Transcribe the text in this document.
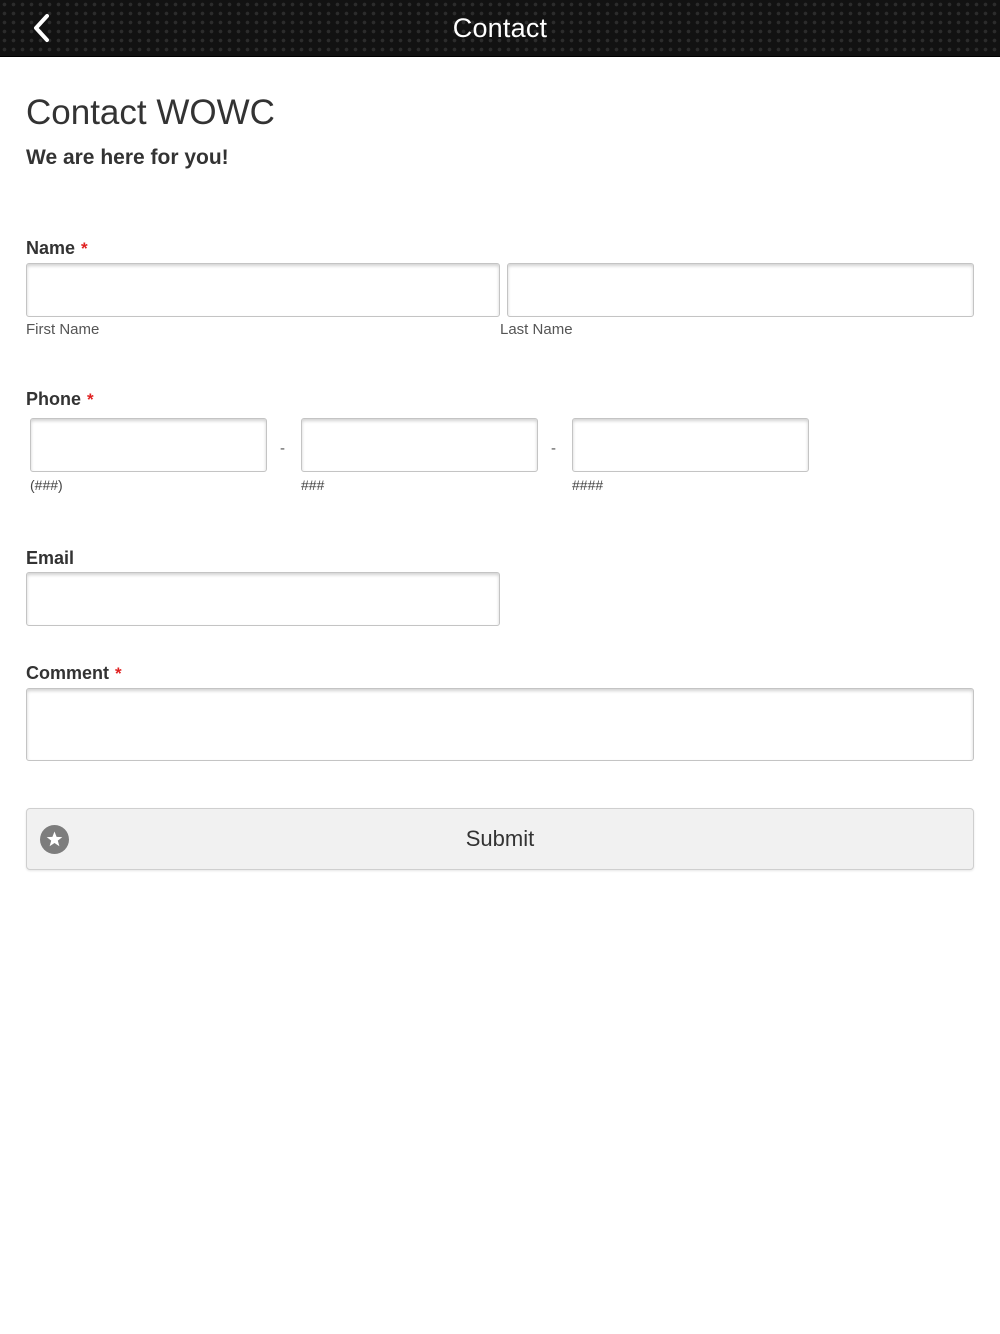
Contact
Contact WOWC
We are here for you!
Name *
First Name	Last Name
Phone *
-	-
(###)	###	####
Email
Comment *
Submit
